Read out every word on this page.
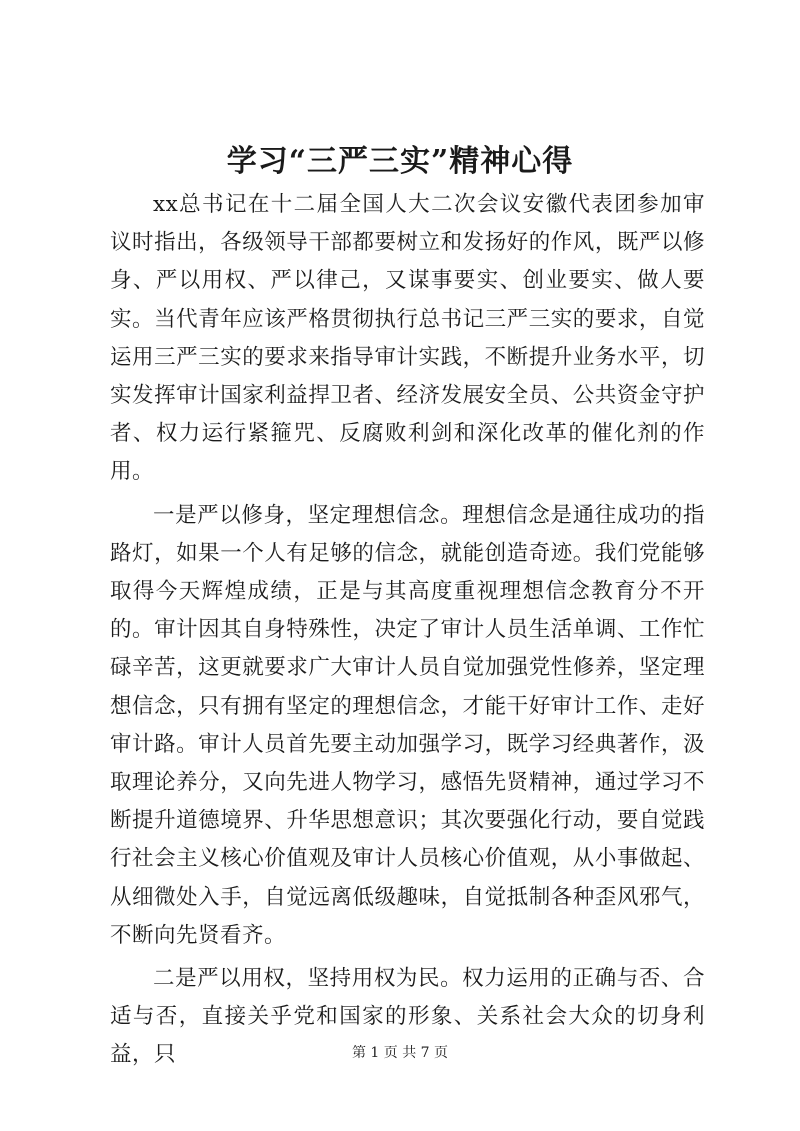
学习“三严三实”精神心得

xx总书记在十二届全国人大二次会议安徽代表团参加审议时指出，各级领导干部都要树立和发扬好的作风，既严以修身、严以用权、严以律己，又谋事要实、创业要实、做人要实。当代青年应该严格贯彻执行总书记三严三实的要求，自觉运用三严三实的要求来指导审计实践，不断提升业务水平，切实发挥审计国家利益捍卫者、经济发展安全员、公共资金守护者、权力运行紧箍咒、反腐败利剑和深化改革的催化剂的作用。

一是严以修身，坚定理想信念。理想信念是通往成功的指路灯，如果一个人有足够的信念，就能创造奇迹。我们党能够取得今天辉煌成绩，正是与其高度重视理想信念教育分不开的。审计因其自身特殊性，决定了审计人员生活单调、工作忙碌辛苦，这更就要求广大审计人员自觉加强党性修养，坚定理想信念，只有拥有坚定的理想信念，才能干好审计工作、走好审计路。审计人员首先要主动加强学习，既学习经典著作，汲取理论养分，又向先进人物学习，感悟先贤精神，通过学习不断提升道德境界、升华思想意识；其次要强化行动，要自觉践行社会主义核心价值观及审计人员核心价值观，从小事做起、从细微处入手，自觉远离低级趣味，自觉抵制各种歪风邪气，不断向先贤看齐。

二是严以用权，坚持用权为民。权力运用的正确与否、合适与否，直接关乎党和国家的形象、关系社会大众的切身利益，只	第 1 页 共 7 页
